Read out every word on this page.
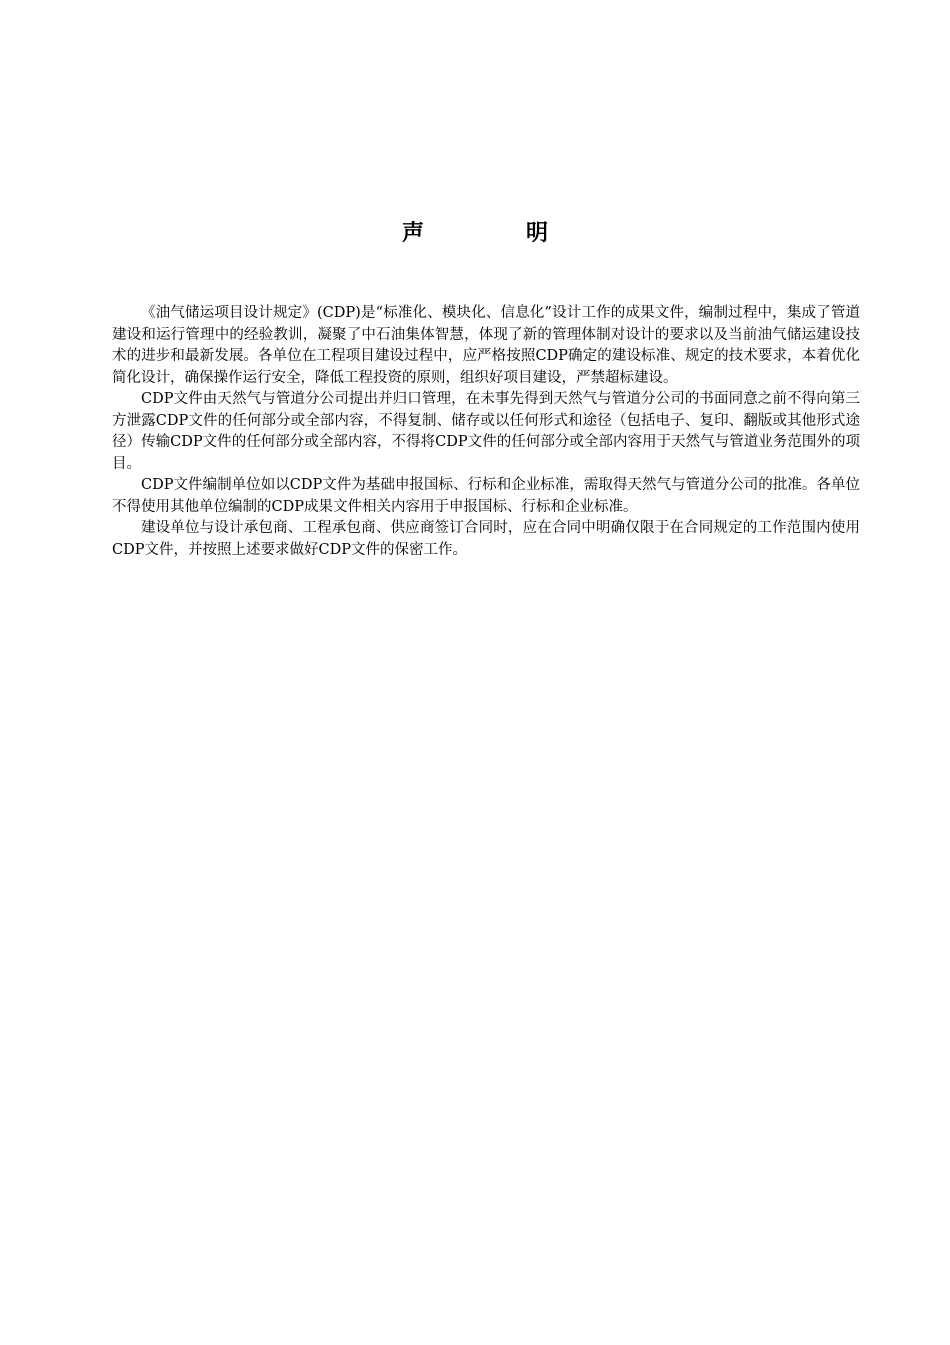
声　明

《油气储运项目设计规定》(CDP)是“标准化、模块化、信息化”设计工作的成果文件，编制过程中，集成了管道建设和运行管理中的经验教训，凝聚了中石油集体智慧，体现了新的管理体制对设计的要求以及当前油气储运建设技术的进步和最新发展。各单位在工程项目建设过程中，应严格按照CDP确定的建设标准、规定的技术要求，本着优化简化设计，确保操作运行安全，降低工程投资的原则，组织好项目建设，严禁超标建设。

CDP文件由天然气与管道分公司提出并归口管理，在未事先得到天然气与管道分公司的书面同意之前不得向第三方泄露CDP文件的任何部分或全部内容，不得复制、储存或以任何形式和途径（包括电子、复印、翻版或其他形式途径）传输CDP文件的任何部分或全部内容，不得将CDP文件的任何部分或全部内容用于天然气与管道业务范围外的项目。

CDP文件编制单位如以CDP文件为基础申报国标、行标和企业标准，需取得天然气与管道分公司的批准。各单位不得使用其他单位编制的CDP成果文件相关内容用于申报国标、行标和企业标准。

建设单位与设计承包商、工程承包商、供应商签订合同时，应在合同中明确仅限于在合同规定的工作范围内使用CDP文件，并按照上述要求做好CDP文件的保密工作。
